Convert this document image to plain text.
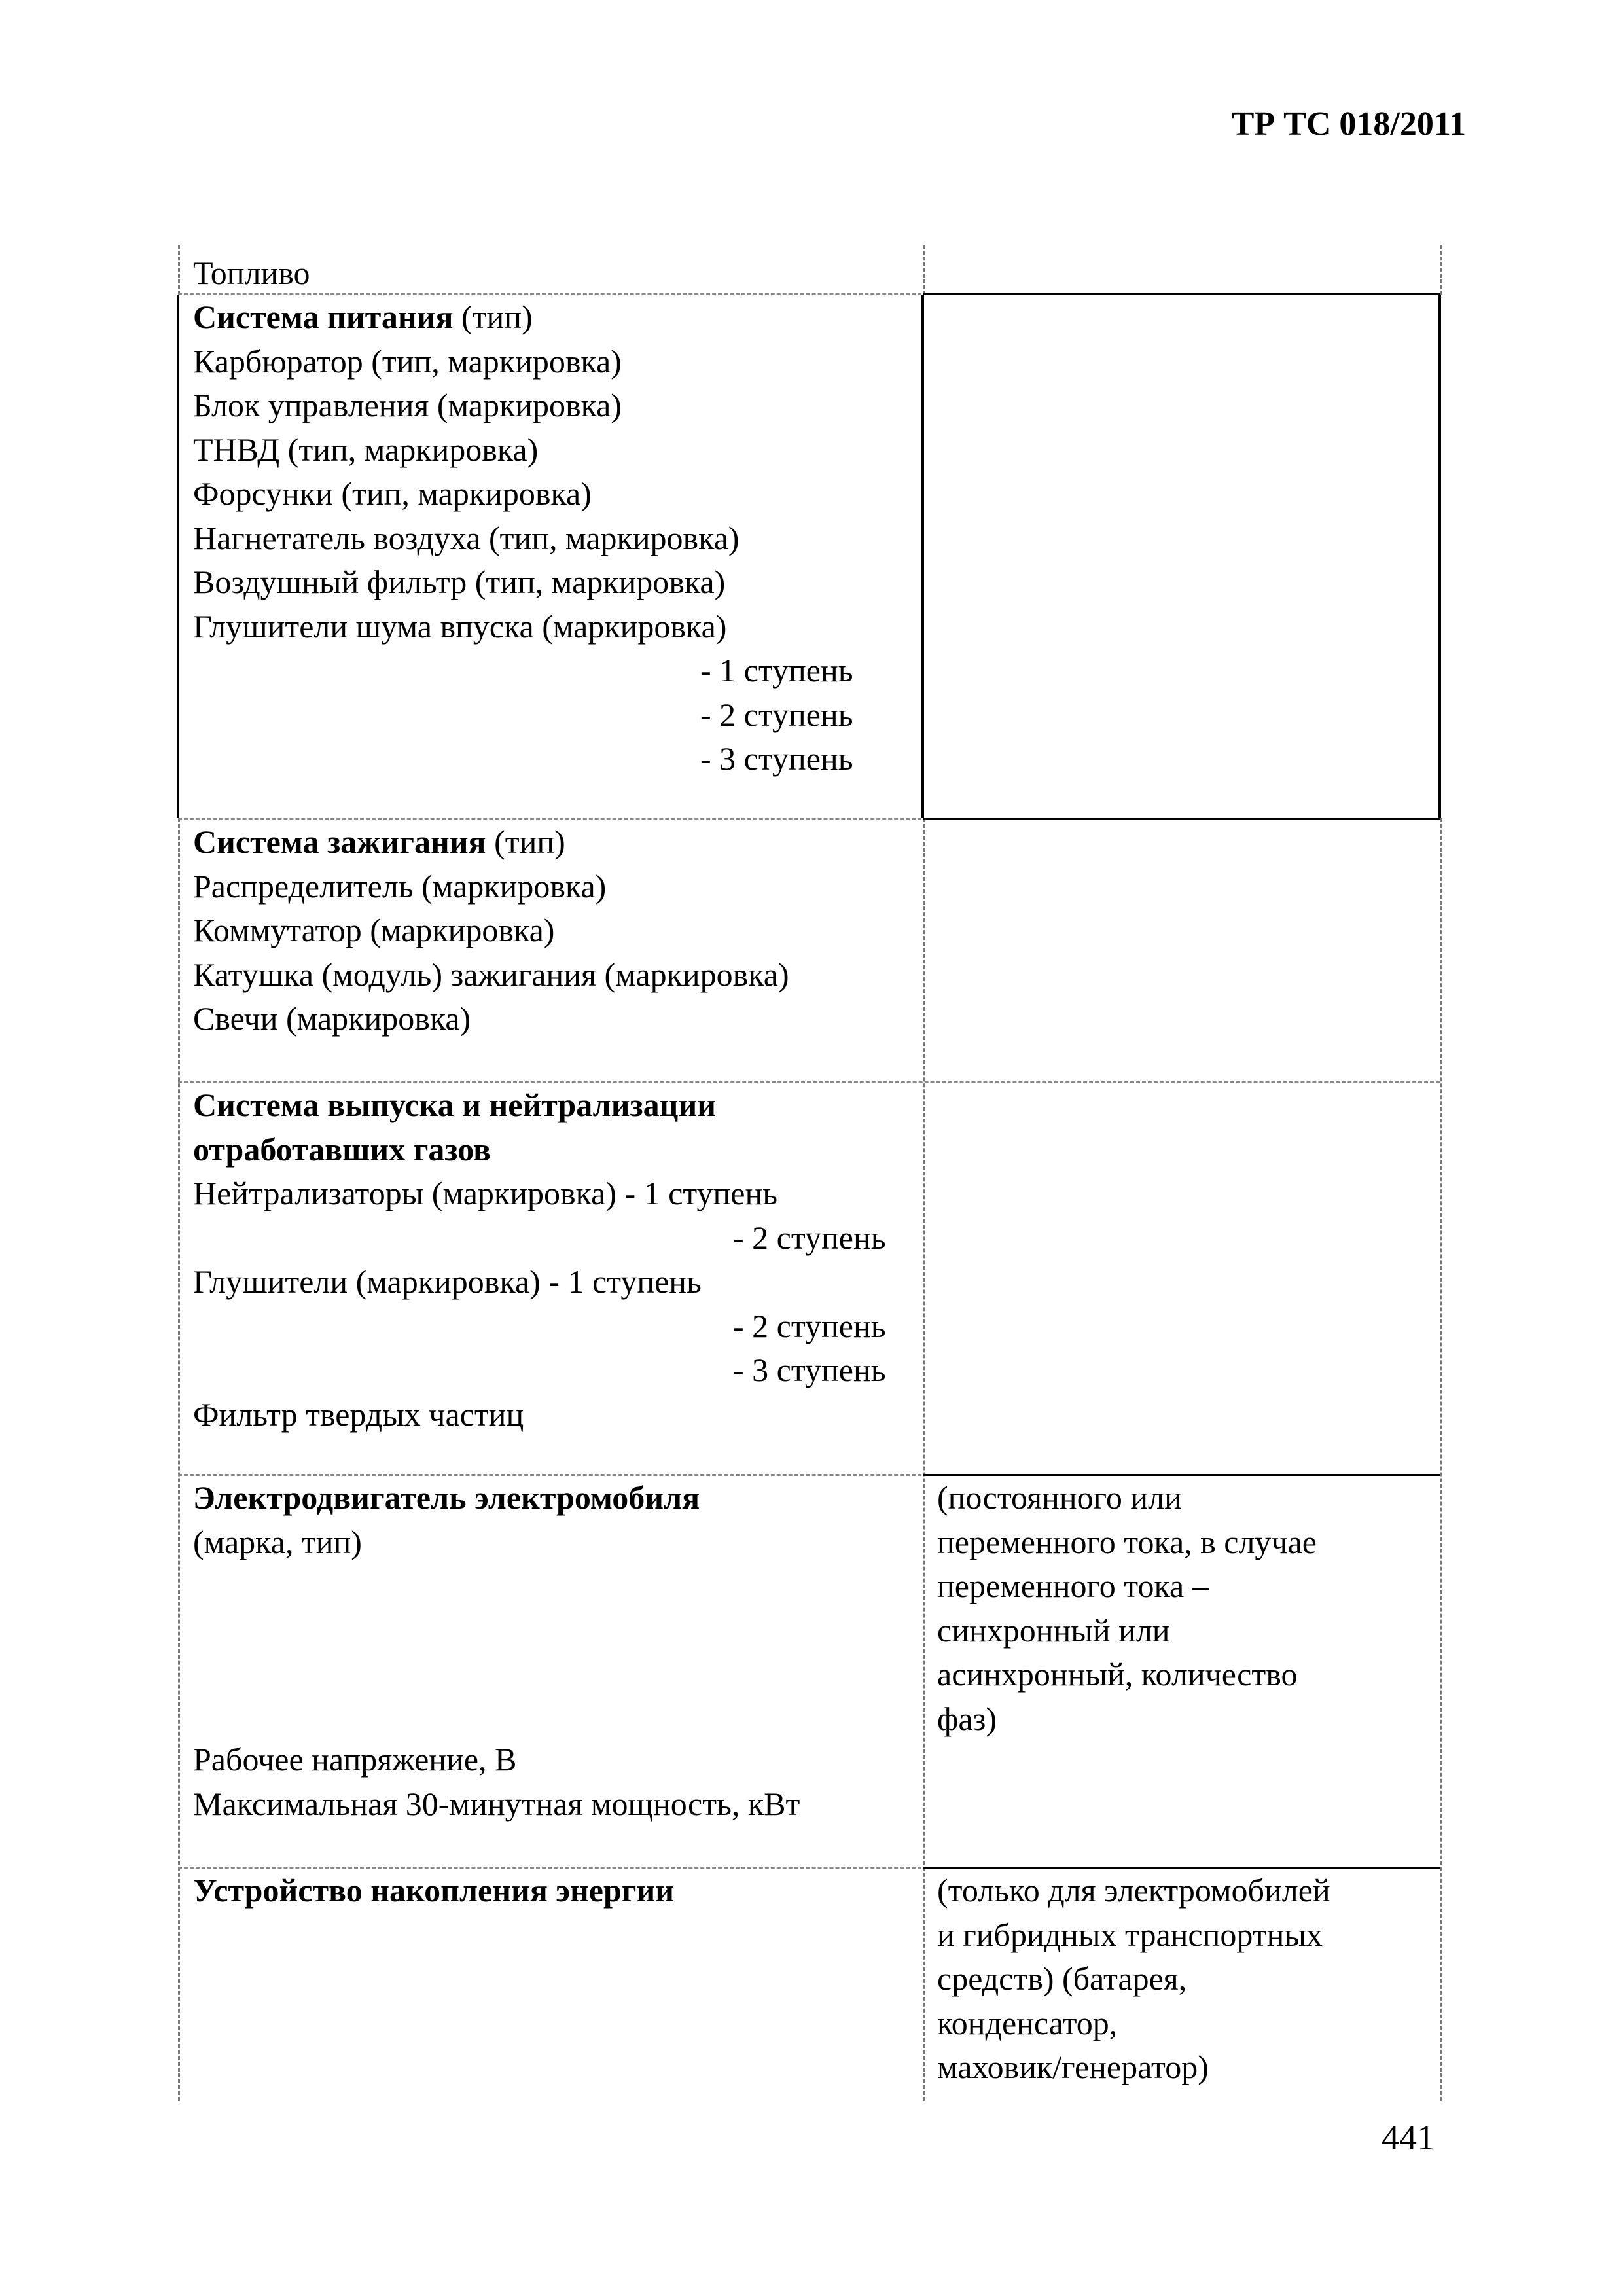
ТР ТС 018/2011
Топливо
Система питания (тип)
Карбюратор (тип, маркировка)
Блок управления (маркировка)
ТНВД (тип, маркировка)
Форсунки (тип, маркировка)
Нагнетатель воздуха (тип, маркировка)
Воздушный фильтр (тип, маркировка)
Глушители шума впуска (маркировка)
- 1 ступень
- 2 ступень
- 3 ступень
Система зажигания (тип)
Распределитель (маркировка)
Коммутатор (маркировка)
Катушка (модуль) зажигания (маркировка)
Свечи (маркировка)
Система выпуска и нейтрализации
отработавших газов
Нейтрализаторы (маркировка) - 1 ступень
- 2 ступень
Глушители (маркировка) - 1 ступень
- 2 ступень
- 3 ступень
Фильтр твердых частиц
Электродвигатель электромобиля
(марка, тип)
Рабочее напряжение, В
Максимальная 30-минутная мощность, кВт
(постоянного или
переменного тока, в случае
переменного тока –
синхронный или
асинхронный, количество
фаз)
Устройство накопления энергии	(только для электромобилей
и гибридных транспортных
средств) (батарея,
конденсатор,
маховик/генератор)
441
